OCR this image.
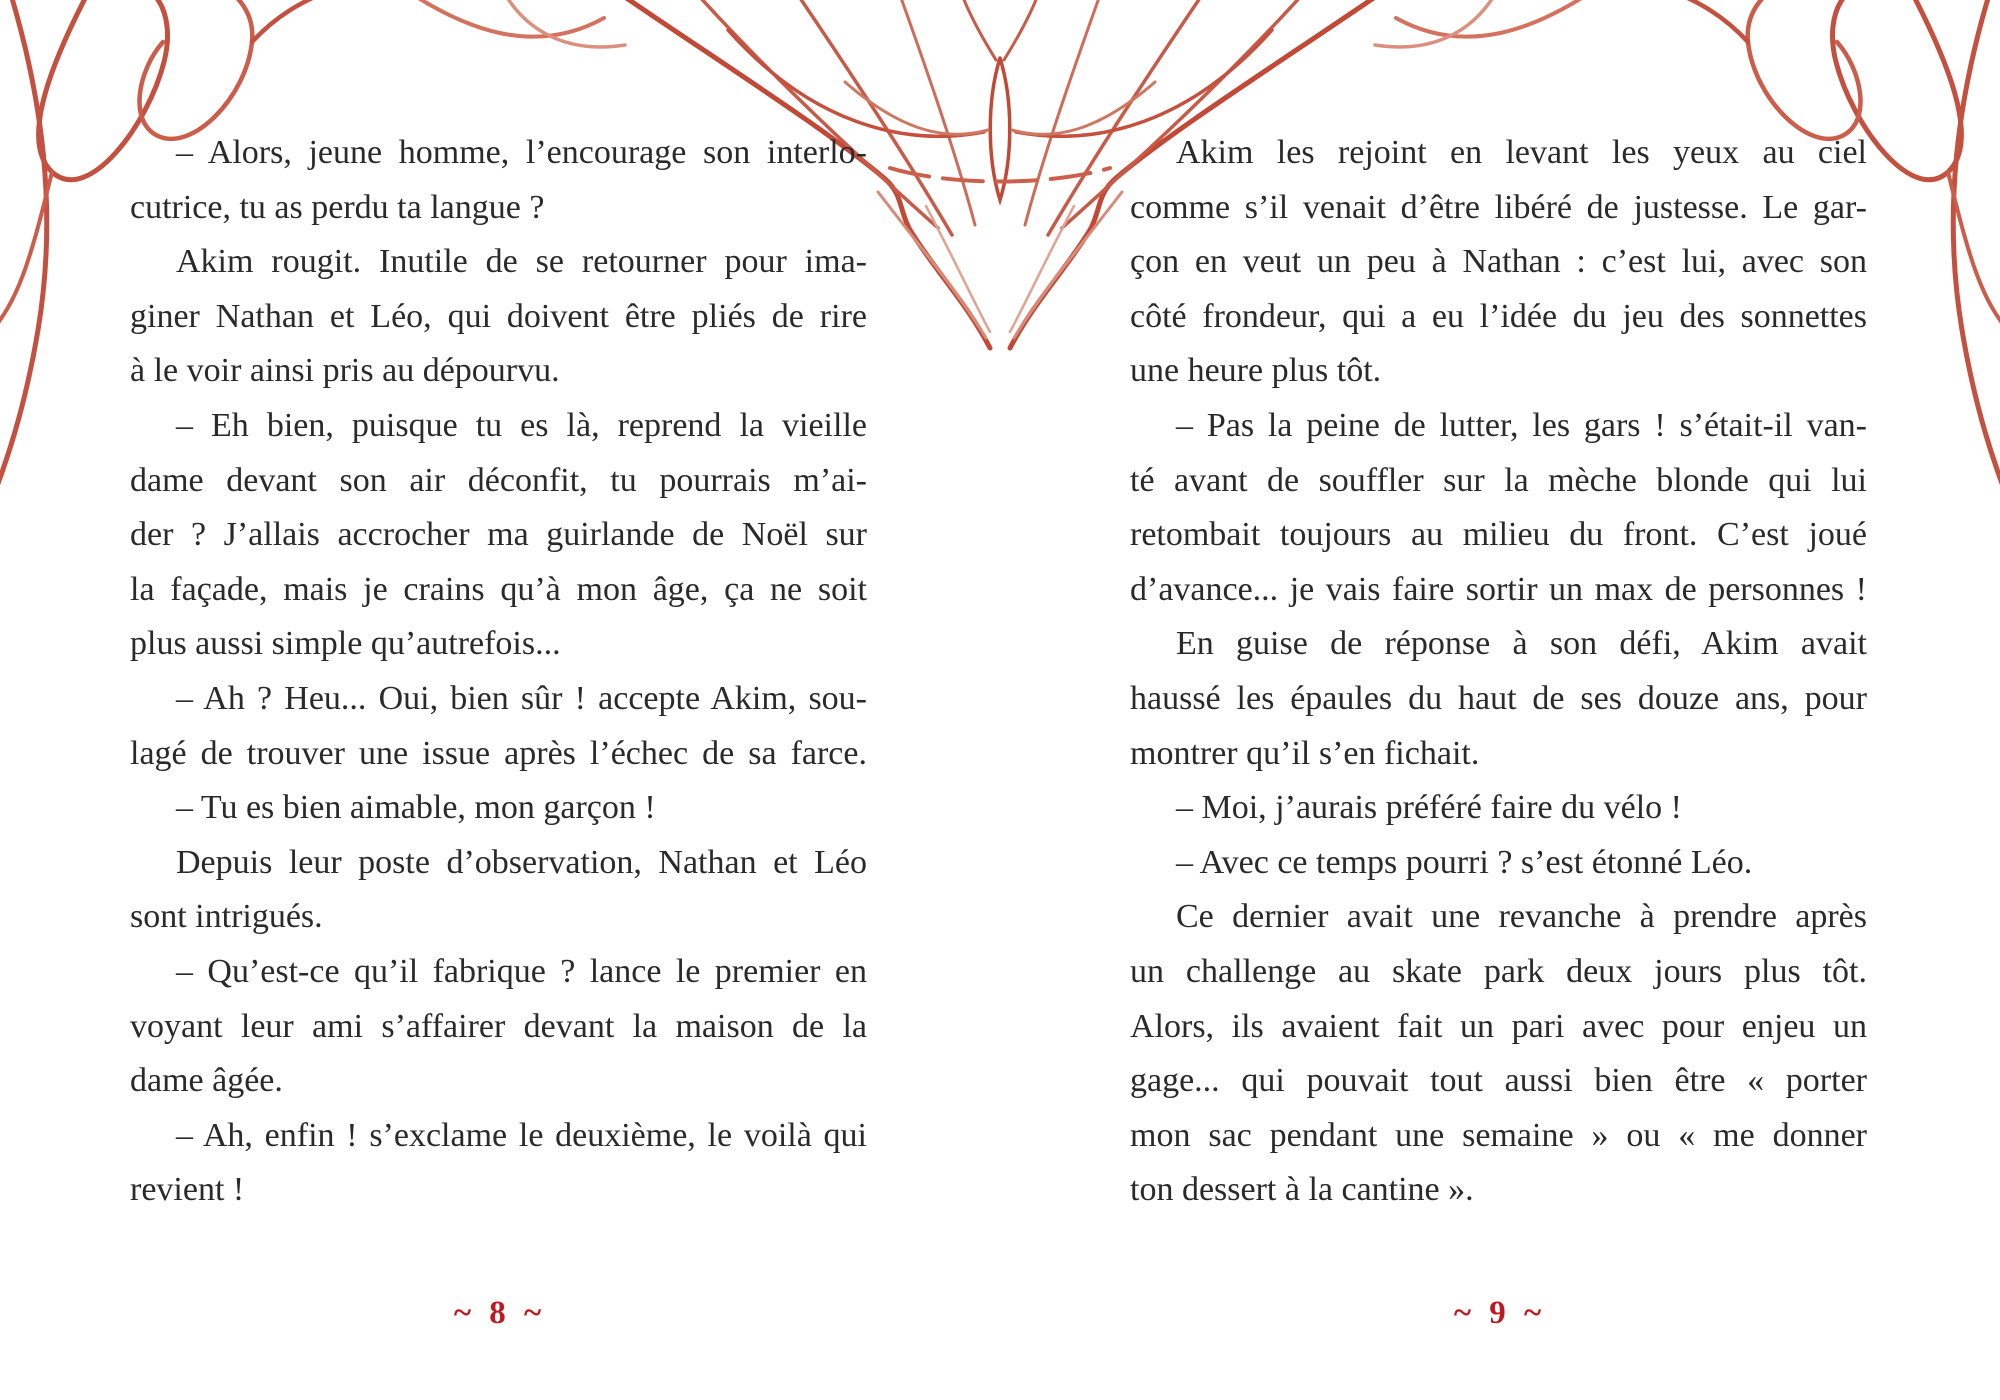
– Alors, jeune homme, l’encourage son interlo-
cutrice, tu as perdu ta langue ?
Akim rougit. Inutile de se retourner pour ima-
giner Nathan et Léo, qui doivent être pliés de rire
à le voir ainsi pris au dépourvu.
– Eh bien, puisque tu es là, reprend la vieille
dame devant son air déconfit, tu pourrais m’ai-
der ? J’allais accrocher ma guirlande de Noël sur
la façade, mais je crains qu’à mon âge, ça ne soit
plus aussi simple qu’autrefois...
– Ah ? Heu... Oui, bien sûr ! accepte Akim, sou-
lagé de trouver une issue après l’échec de sa farce.
– Tu es bien aimable, mon garçon !
Depuis leur poste d’observation, Nathan et Léo
sont intrigués.
– Qu’est-ce qu’il fabrique ? lance le premier en
voyant leur ami s’affairer devant la maison de la
dame âgée.
– Ah, enfin ! s’exclame le deuxième, le voilà qui
revient !
~ 8 ~
Akim les rejoint en levant les yeux au ciel
comme s’il venait d’être libéré de justesse. Le gar-
çon en veut un peu à Nathan : c’est lui, avec son
côté frondeur, qui a eu l’idée du jeu des sonnettes
une heure plus tôt.
– Pas la peine de lutter, les gars ! s’était-il van-
té avant de souffler sur la mèche blonde qui lui
retombait toujours au milieu du front. C’est joué
d’avance... je vais faire sortir un max de personnes !
En guise de réponse à son défi, Akim avait
haussé les épaules du haut de ses douze ans, pour
montrer qu’il s’en fichait.
– Moi, j’aurais préféré faire du vélo !
– Avec ce temps pourri ? s’est étonné Léo.
Ce dernier avait une revanche à prendre après
un challenge au skate park deux jours plus tôt.
Alors, ils avaient fait un pari avec pour enjeu un
gage... qui pouvait tout aussi bien être « porter
mon sac pendant une semaine » ou « me donner
ton dessert à la cantine ».
~ 9 ~
